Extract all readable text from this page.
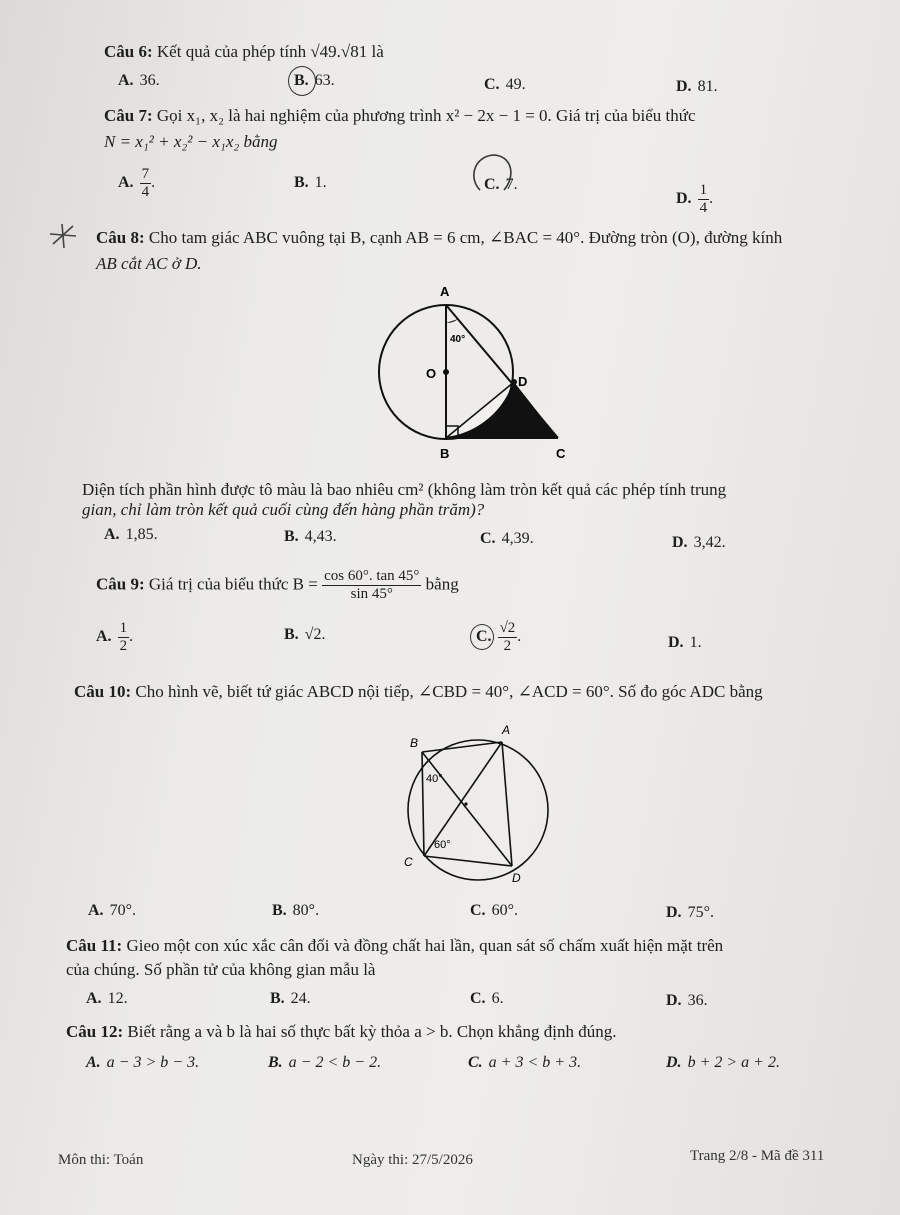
Câu 6: Kết quả của phép tính √49.√81 là
A. 36.	B. 63.	C. 49.	D. 81.
Câu 7: Gọi x₁, x₂ là hai nghiệm của phương trình x² − 2x − 1 = 0. Giá trị của biểu thức
N = x₁² + x₂² − x₁x₂ bằng
A. $\frac{7}{4}$ .	B. 1.	C. 7.
D. $\frac{1}{4}$ .
Câu 8: Cho tam giác ABC vuông tại B, cạnh AB = 6 cm, ∠BAC = 40°. Đường tròn (O), đường kính
AB cắt AC ở D.
A
O
D
B	C
40°
Diện tích phần hình được tô màu là bao nhiêu cm² (không làm tròn kết quả các phép tính trung
gian, chỉ làm tròn kết quả cuối cùng đến hàng phần trăm)?
A. 1,85.	B. 4,43.	C. 4,39.	D. 3,42.
Câu 9: Giá trị của biểu thức $B = \frac{\cos 60^\circ. \tan 45^\circ}{\sin 45^\circ}$ bằng
A. $\frac{1}{2}$ .	B. √2.	C. $\frac{√2}{2}$ .	D. 1.
Câu 10: Cho hình vẽ, biết tứ giác ABCD nội tiếp, ∠CBD = 40°, ∠ACD = 60°. Số đo góc ADC bằng
B
A
C
D
40°
60°
A. 70°.	B. 80°.	C. 60°.	D. 75°.
Câu 11: Gieo một con xúc xắc cân đối và đồng chất hai lần, quan sát số chấm xuất hiện mặt trên
của chúng. Số phần tử của không gian mẫu là
A. 12.	B. 24.	C. 6.	D. 36.
Câu 12: Biết rằng a và b là hai số thực bất kỳ thỏa a > b. Chọn khẳng định đúng.
A. a − 3 > b − 3.	B. a − 2 < b − 2.	C. a + 3 < b + 3.	D. b + 2 > a + 2.
Môn thi: Toán	Ngày thi: 27/5/2026	Trang 2/8 - Mã đề 311
